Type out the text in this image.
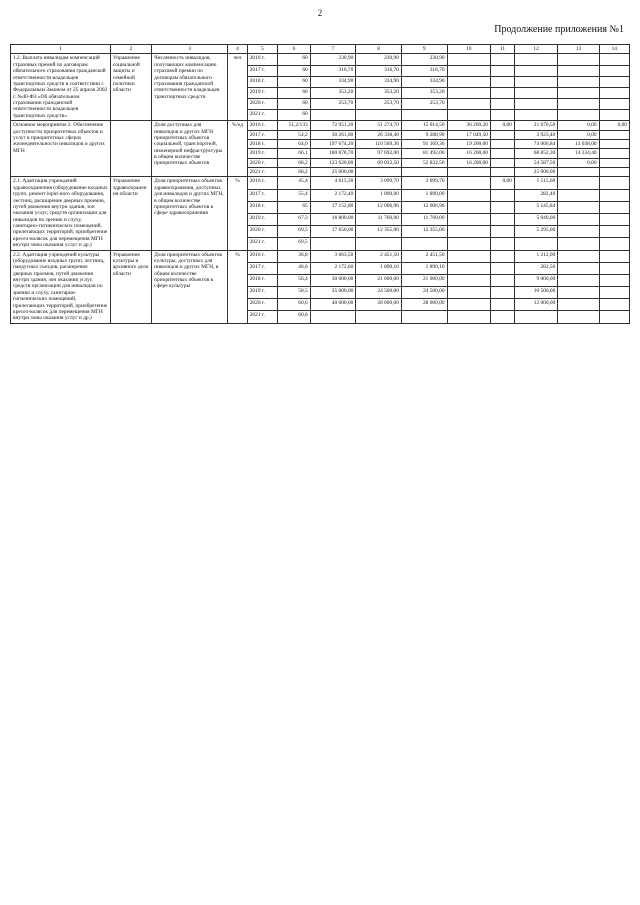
2
Продолжение приложения №1
1	2	3	4	5	6	7	8	9	10	11	12	13	14
1.2. Выплата инвалидам компенсаций страховых премий по договорам обязательного страхования гражданской ответственности владельцев транспортных средств в соответствии с Федеральным Законом от 25 апреля 2002 г. №40-ФЗ «Об обязательном страховании гражданской ответственности владельцев транспортных средств»	Управление социальной защиты и семейной политики области	Численность инвалидов, получающих компенсацию страховой премии по договорам обязательного страхования гражданской ответственности владельцев транспортных средств	чел	2016 г.	60	230,90	230,90	230,90					
				2017 г.	60	316,70	316,70	316,70					
				2018 г.	60	334,90	334,90	334,90					
				2019 г.	60	353,20	353,20	353,20					
				2020 г.	60	253,70	253,70	253,70					
				2021 г.	60								
Основное мероприятие 2. Обеспечение доступности приоритетных объектов и услуг в приоритетных сферах жизнедеятельности инвалидов и других МГН		Доля доступных для инвалидов и других МГН приоритетных объектов социальной, транспортной, инженерной инфраструктуры в общем количестве приоритетных объектов	%/ед	2016 г.	51,2/133	72 951,20	51 274,70	15 014,50	36 260,20	0,00	21 676,50	0,00	0,00
				2017 г.	54,2	30 261,80	26 338,40	9 288,90	17 049,50		3 923,40	0,00	
				2018 г.	64,0	197 674,20	110 569,36	91 369,36	19 200,00		74 066,84	13 038,00	
				2019 г.	66,1	180 878,70	97 692,00	81 492,00	16 200,00		68 852,30	14 334,40	
				2020 г.	68,2	123 620,00	69 032,50	52 832,50	16 200,00		54 587,50	0,00	
				2021 г.	68,2	25 000,00					25 000,00		
2.1. Адаптация учреждений здравоохранения (оборудование входных групп, ремонт input-ного оборудования, лестниц, расширение дверных проемов, путей движения внутри здания, зон оказания услуг, средств организации для инвалидов по зрению и слуху, санитарно-гигиенических помещений, прилегающих территорий, приобретение кресел-колясок для перемещения МГН внутри зоны оказания услуг и др.)	Управление здравоохранения области	Доля приоритетных объектов здравоохранения, доступных для инвалидов и других МГН, в общем количестве приоритетных объектов в сфере здравоохранения	%	2016 г.	45,4	4 615,30	3 099,70	3 099,70		0,00	1 515,60		
				2017 г.	55,4	2 172,40	1 890,00	1 890,00			282,40		
				2018 г.	65	17 152,80	12 006,96	12 006,96			5 145,84		
				2019 г.	67,3	16 800,00	11 760,00	11 760,00			5 040,00		
				2020 г.	69,5	17 650,00	12 355,00	12 355,00			5 295,00		
				2021 г.	69,5								
2.2. Адаптация учреждений культуры (оборудование входных групп, лестниц, пандусных съездов, расширение дверных проемов, путей движения внутри здания, зон оказания услуг, средств организации для инвалидов по зрению и слуху, санитарно-гигиенических помещений, прилегающих территорий, приобретение кресел-колясок для перемещения МГН внутри зоны оказания услуг и др.)	Управление культуры и архивного дела области	Доля приоритетных объектов культуры, доступных для инвалидов и других МГН, в общем количестве приоритетных объектов в сфере культуры	%	2016 г.	36,8	3 663,50	2 451,50	2 451,50			1 212,00		
				2017 г.	46,6	2 172,60	1 890,10	1 890,10			282,50		
				2018 г.	56,4	30 000,00	21 000,00	21 000,00			9 000,00		
				2019 г.	58,5	35 000,00	24 500,00	24 500,00			10 500,00		
				2020 г.	60,6	40 000,00	28 000,00	28 000,00			12 000,00		
				2021 г.	60,6								
